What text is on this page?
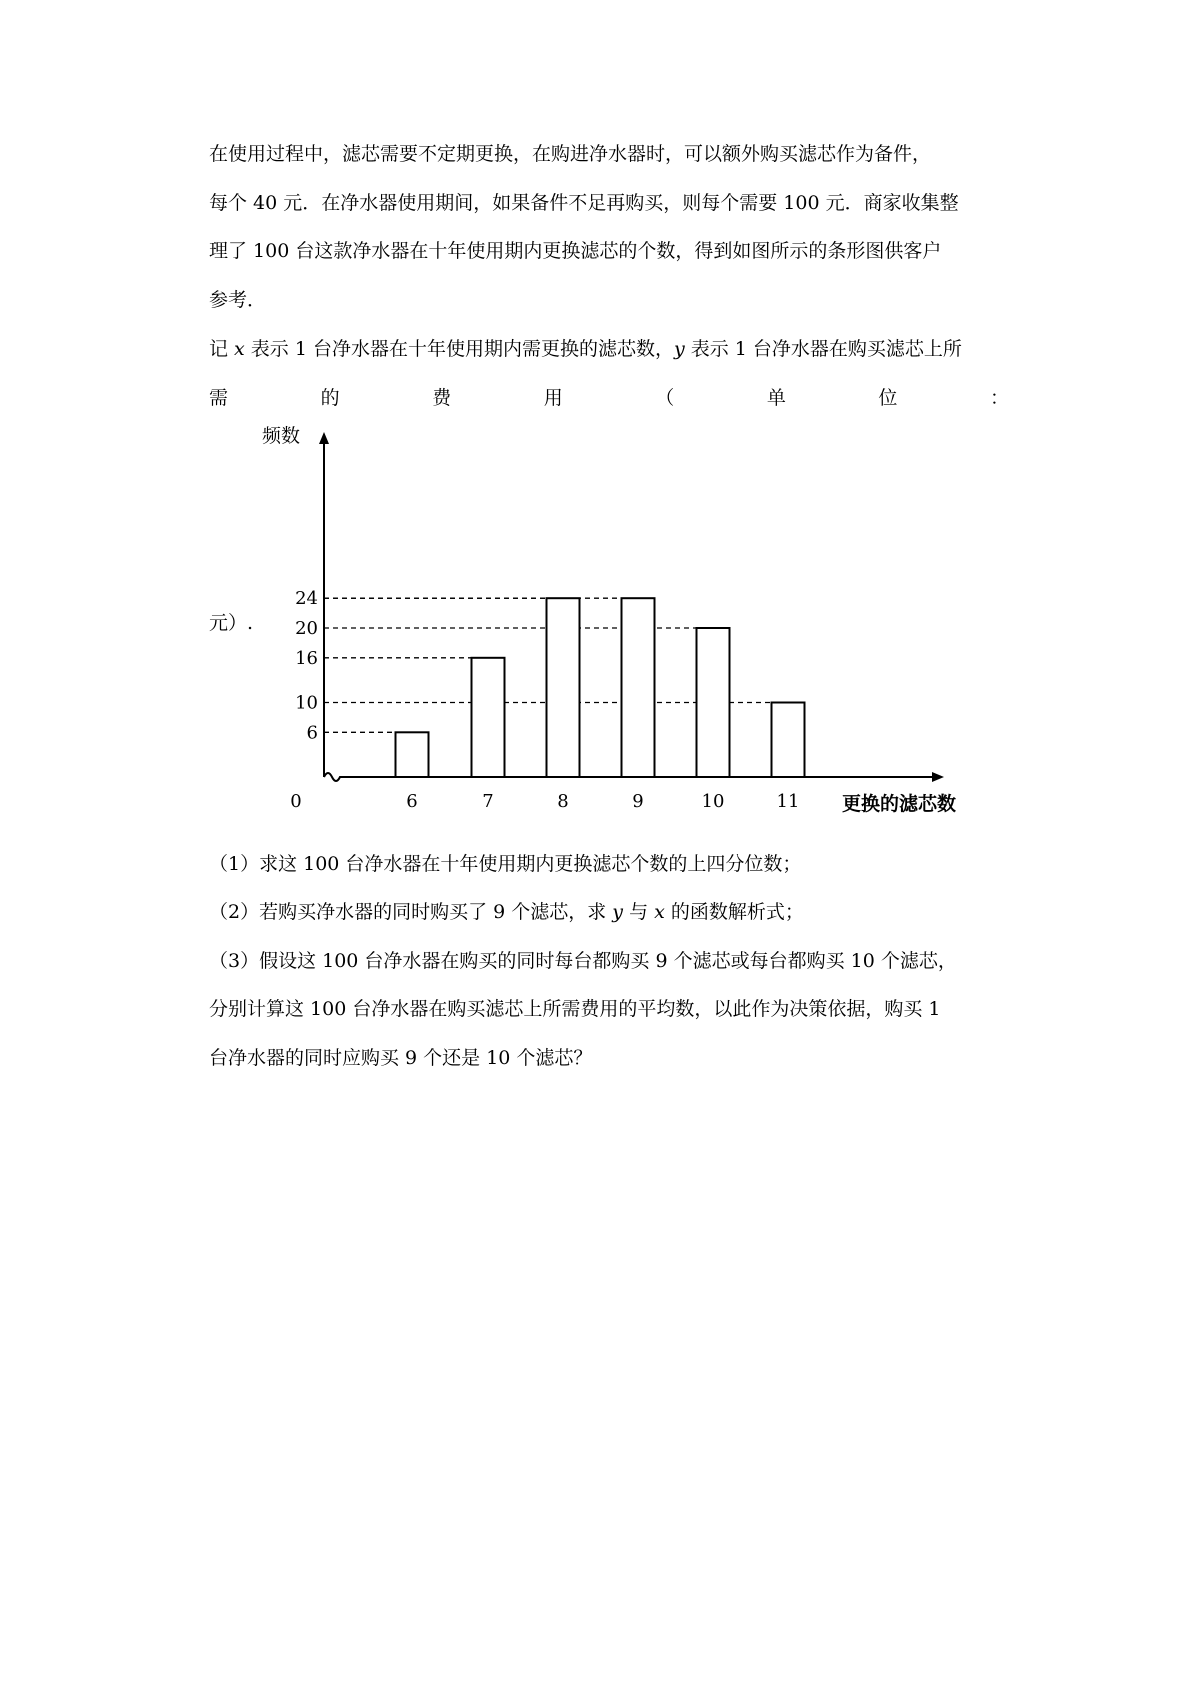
在使用过程中，滤芯需要不定期更换，在购进净水器时，可以额外购买滤芯作为备件，
每个 40 元．在净水器使用期间，如果备件不足再购买，则每个需要 100 元．商家收集整
理了 100 台这款净水器在十年使用期内更换滤芯的个数，得到如图所示的条形图供客户
参考．
记 x 表示 1 台净水器在十年使用期内需更换的滤芯数，y 表示 1 台净水器在购买滤芯上所
需	的	费	用	（	单	位	：
元）.
6
10
16
20
24
6	7	8	9	10	11
0
频数
更换的滤芯数
（1）求这 100 台净水器在十年使用期内更换滤芯个数的上四分位数；
（2）若购买净水器的同时购买了 9 个滤芯，求 y 与 x 的函数解析式；
（3）假设这 100 台净水器在购买的同时每台都购买 9 个滤芯或每台都购买 10 个滤芯，
分别计算这 100 台净水器在购买滤芯上所需费用的平均数，以此作为决策依据，购买 1
台净水器的同时应购买 9 个还是 10 个滤芯？
